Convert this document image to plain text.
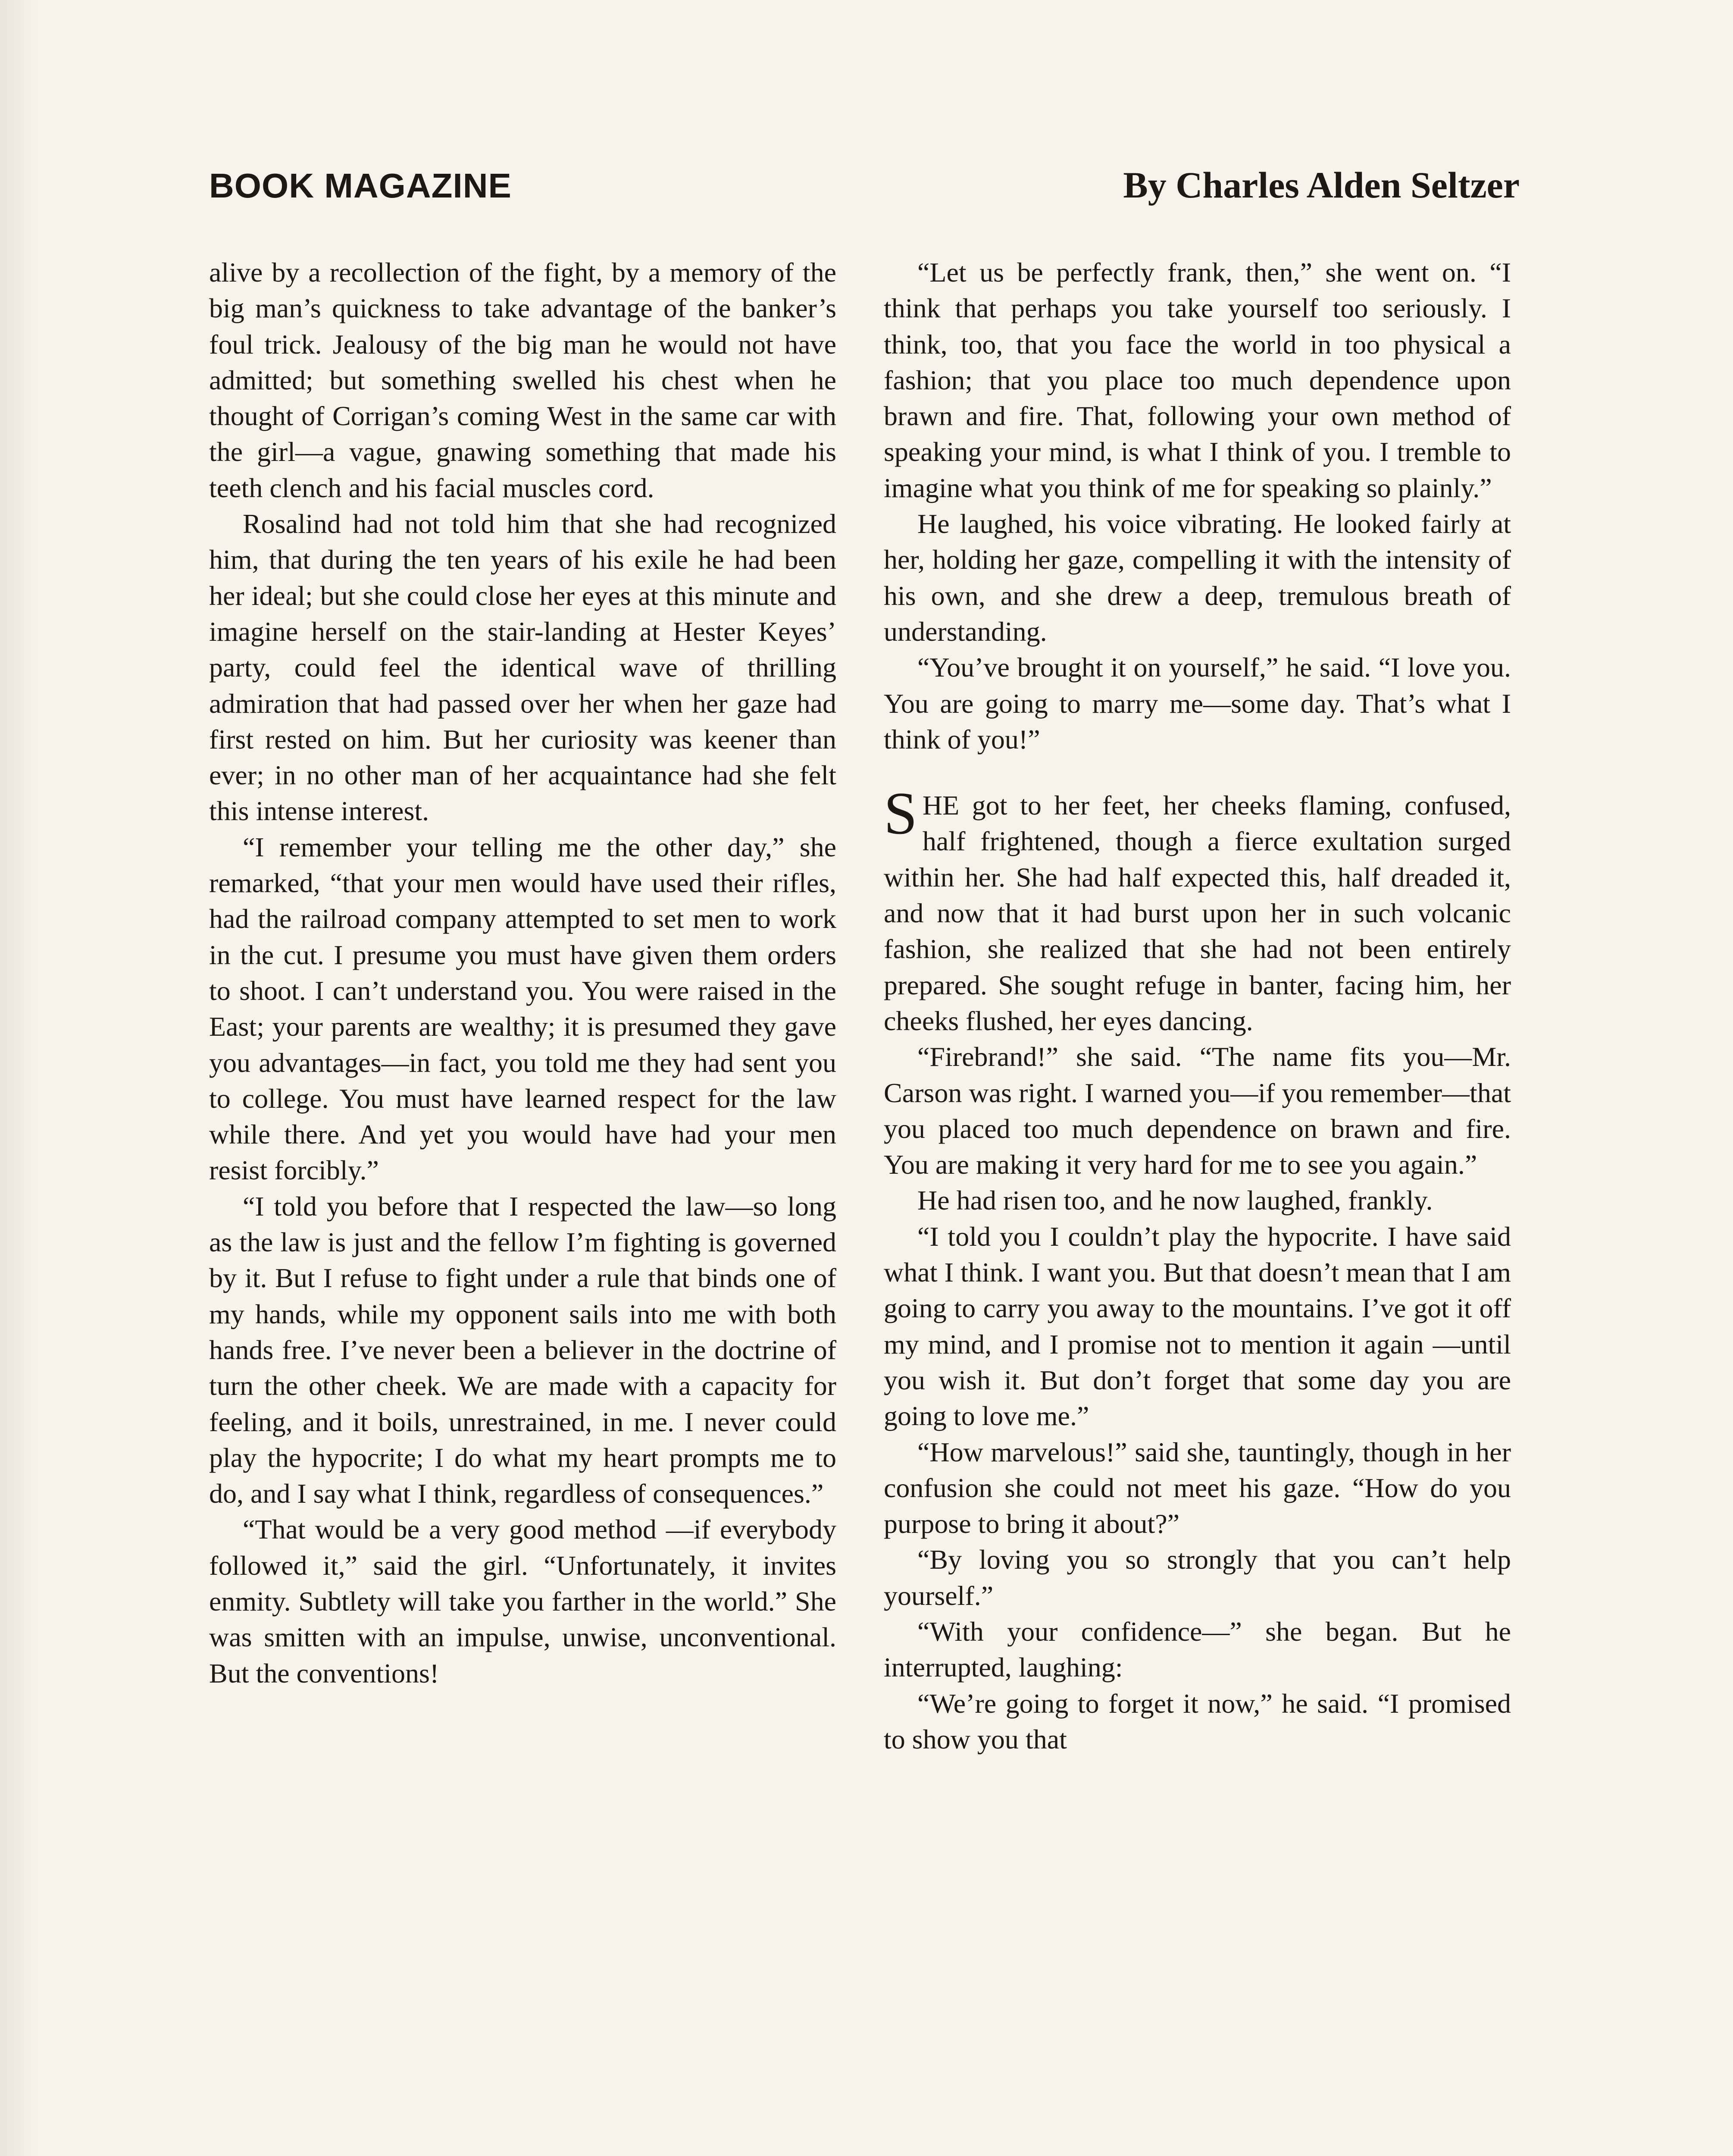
BOOK MAGAZINE	By Charles Alden Seltzer

alive by a recollection of the fight, by a memory of the big man’s quickness to take advantage of the banker’s foul trick. Jealousy of the big man he would not have admitted; but something swelled his chest when he thought of Corrigan’s coming West in the same car with the girl—a vague, gnawing something that made his teeth clench and his facial muscles cord.

Rosalind had not told him that she had recognized him, that during the ten years of his exile he had been her ideal; but she could close her eyes at this minute and imagine herself on the stair-landing at Hester Keyes’ party, could feel the identical wave of thrilling admiration that had passed over her when her gaze had first rested on him. But her curiosity was keener than ever; in no other man of her acquaintance had she felt this intense interest.

“I remember your telling me the other day,” she remarked, “that your men would have used their rifles, had the railroad company attempted to set men to work in the cut. I presume you must have given them orders to shoot. I can’t understand you. You were raised in the East; your parents are wealthy; it is presumed they gave you advantages—in fact, you told me they had sent you to college. You must have learned respect for the law while there. And yet you would have had your men resist forcibly.”

“I told you before that I respected the law—so long as the law is just and the fellow I’m fighting is governed by it. But I refuse to fight under a rule that binds one of my hands, while my opponent sails into me with both hands free. I’ve never been a believer in the doctrine of turn the other cheek. We are made with a capacity for feeling, and it boils, unrestrained, in me. I never could play the hypocrite; I do what my heart prompts me to do, and I say what I think, regardless of consequences.”

“That would be a very good method —if everybody followed it,” said the girl. “Unfortunately, it invites enmity. Subtlety will take you farther in the world.” She was smitten with an impulse, unwise, unconventional. But the conventions!

“Let us be perfectly frank, then,” she went on. “I think that perhaps you take yourself too seriously. I think, too, that you face the world in too physical a fashion; that you place too much dependence upon brawn and fire. That, following your own method of speaking your mind, is what I think of you. I tremble to imagine what you think of me for speaking so plainly.”

He laughed, his voice vibrating. He looked fairly at her, holding her gaze, compelling it with the intensity of his own, and she drew a deep, tremulous breath of understanding.

“You’ve brought it on yourself,” he said. “I love you. You are going to marry me—some day. That’s what I think of you!”

SHE got to her feet, her cheeks flaming, confused, half frightened, though a fierce exultation surged within her. She had half expected this, half dreaded it, and now that it had burst upon her in such volcanic fashion, she realized that she had not been entirely prepared. She sought refuge in banter, facing him, her cheeks flushed, her eyes dancing.

“Firebrand!” she said. “The name fits you—Mr. Carson was right. I warned you—if you remember—that you placed too much dependence on brawn and fire. You are making it very hard for me to see you again.”

He had risen too, and he now laughed, frankly.

“I told you I couldn’t play the hypocrite. I have said what I think. I want you. But that doesn’t mean that I am going to carry you away to the mountains. I’ve got it off my mind, and I promise not to mention it again —until you wish it. But don’t forget that some day you are going to love me.”

“How marvelous!” said she, tauntingly, though in her confusion she could not meet his gaze. “How do you purpose to bring it about?”

“By loving you so strongly that you can’t help yourself.”

“With your confidence—” she began. But he interrupted, laughing:

“We’re going to forget it now,” he said. “I promised to show you that
